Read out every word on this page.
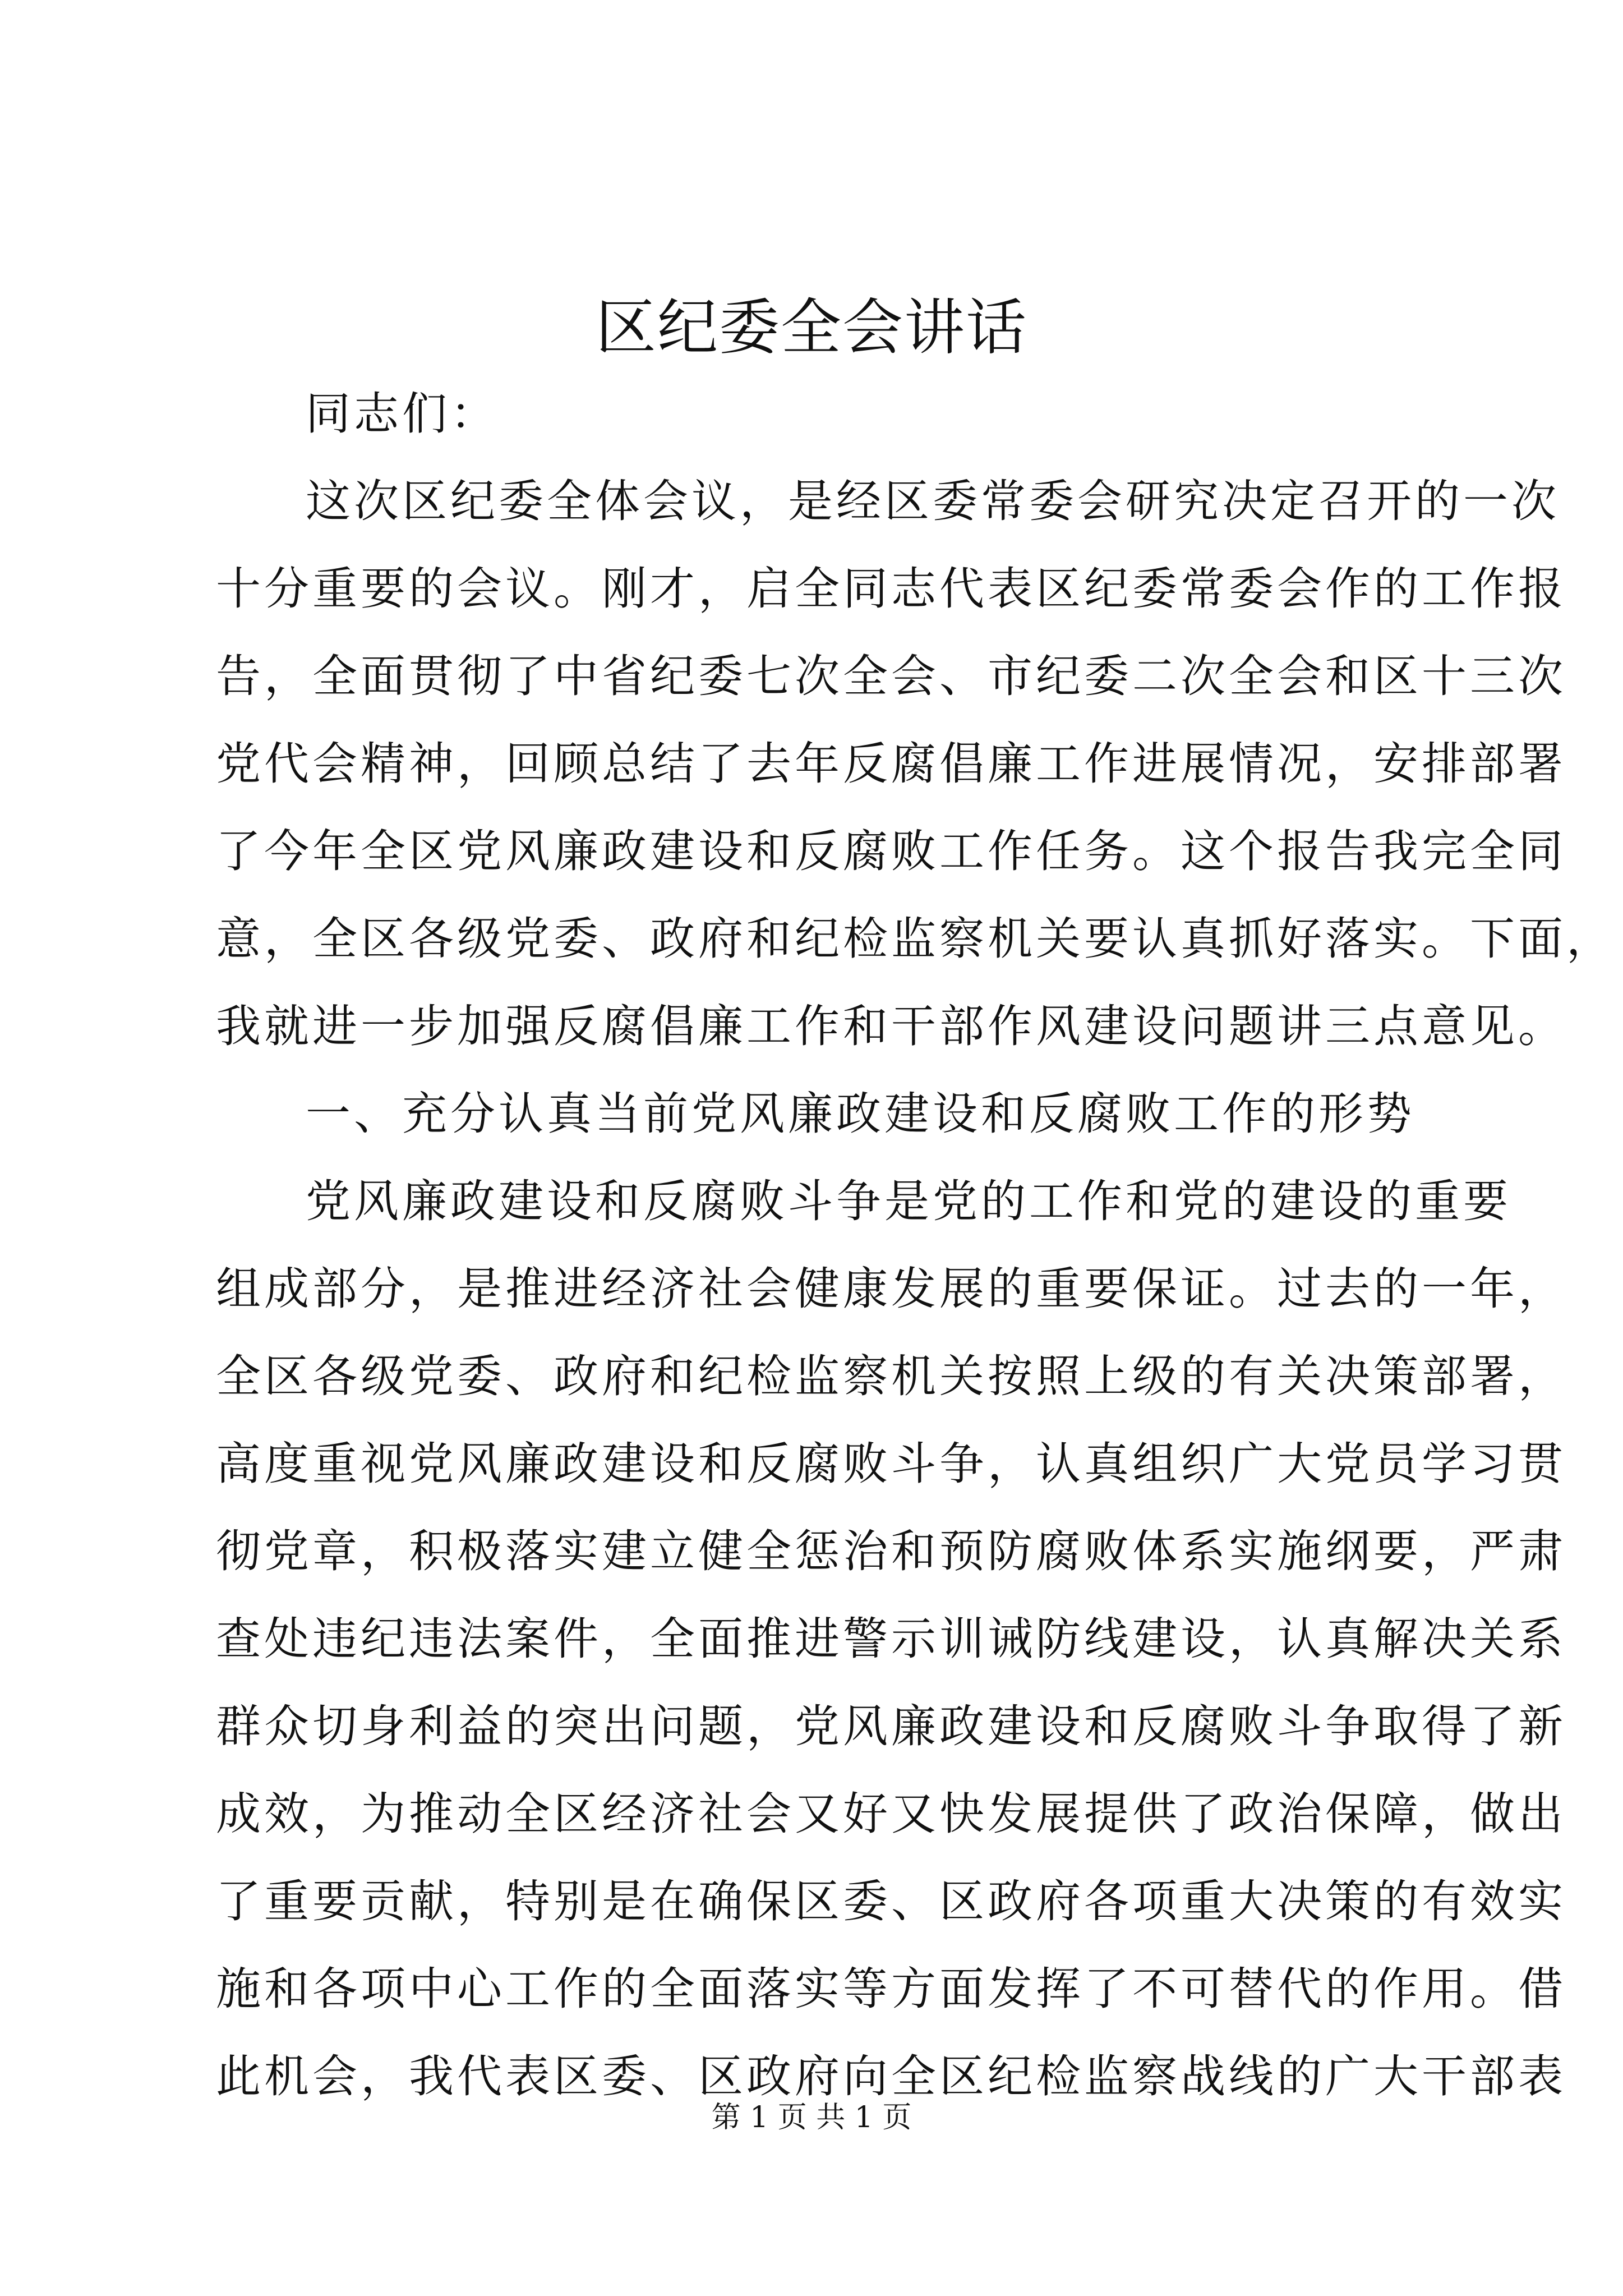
区纪委全会讲话
同志们：
这次区纪委全体会议，是经区委常委会研究决定召开的一次
十分重要的会议。刚才，启全同志代表区纪委常委会作的工作报
告，全面贯彻了中省纪委七次全会、市纪委二次全会和区十三次
党代会精神，回顾总结了去年反腐倡廉工作进展情况，安排部署
了今年全区党风廉政建设和反腐败工作任务。这个报告我完全同
意，全区各级党委、政府和纪检监察机关要认真抓好落实。下面，
我就进一步加强反腐倡廉工作和干部作风建设问题讲三点意见。
一、充分认真当前党风廉政建设和反腐败工作的形势
党风廉政建设和反腐败斗争是党的工作和党的建设的重要
组成部分，是推进经济社会健康发展的重要保证。过去的一年，
全区各级党委、政府和纪检监察机关按照上级的有关决策部署，
高度重视党风廉政建设和反腐败斗争，认真组织广大党员学习贯
彻党章，积极落实建立健全惩治和预防腐败体系实施纲要，严肃
查处违纪违法案件，全面推进警示训诫防线建设，认真解决关系
群众切身利益的突出问题，党风廉政建设和反腐败斗争取得了新
成效，为推动全区经济社会又好又快发展提供了政治保障，做出
了重要贡献，特别是在确保区委、区政府各项重大决策的有效实
施和各项中心工作的全面落实等方面发挥了不可替代的作用。借
此机会，我代表区委、区政府向全区纪检监察战线的广大干部表
第 1 页 共 1 页
